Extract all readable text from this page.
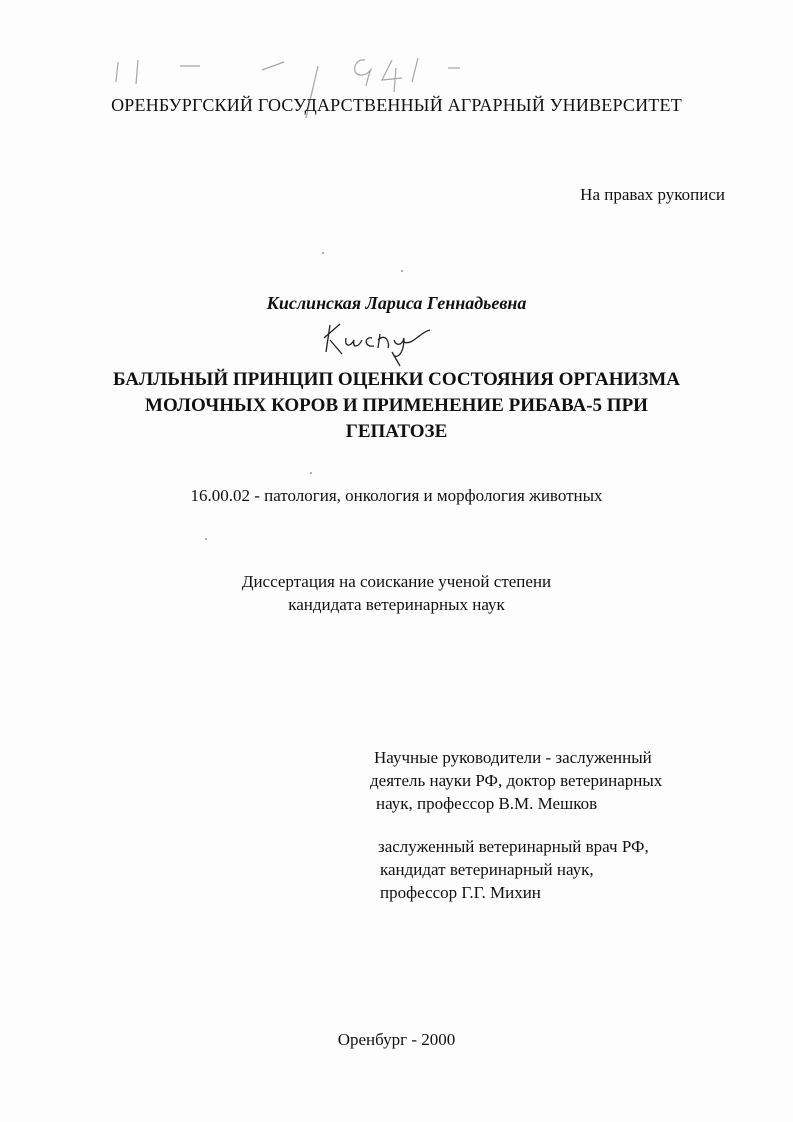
ОРЕНБУРГСКИЙ ГОСУДАРСТВЕННЫЙ АГРАРНЫЙ УНИВЕРСИТЕТ
На правах рукописи
Кислинская Лариса Геннадьевна
БАЛЛЬНЫЙ ПРИНЦИП ОЦЕНКИ СОСТОЯНИЯ ОРГАНИЗМА
МОЛОЧНЫХ КОРОВ И ПРИМЕНЕНИЕ РИБАВА-5 ПРИ
ГЕПАТОЗЕ
16.00.02 - патология, онкология и морфология животных
Диссертация на соискание ученой степени
кандидата ветеринарных наук
Научные руководители - заслуженный
деятель науки РФ, доктор ветеринарных
наук, профессор В.М. Мешков
заслуженный ветеринарный врач РФ,
кандидат ветеринарный наук,
профессор Г.Г. Михин
Оренбург - 2000
